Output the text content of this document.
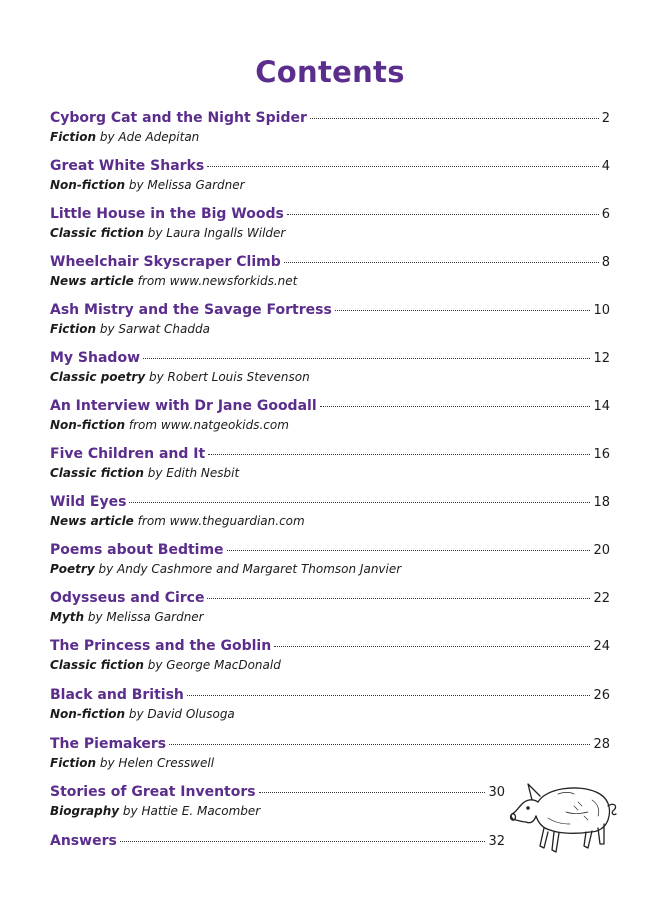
Contents
Cyborg Cat and the Night Spider	2
Fiction by Ade Adepitan
Great White Sharks	4
Non-fiction by Melissa Gardner
Little House in the Big Woods	6
Classic fiction by Laura Ingalls Wilder
Wheelchair Skyscraper Climb	8
News article from www.newsforkids.net
Ash Mistry and the Savage Fortress	10
Fiction by Sarwat Chadda
My Shadow	12
Classic poetry by Robert Louis Stevenson
An Interview with Dr Jane Goodall	14
Non-fiction from www.natgeokids.com
Five Children and It	16
Classic fiction by Edith Nesbit
Wild Eyes	18
News article from www.theguardian.com
Poems about Bedtime	20
Poetry by Andy Cashmore and Margaret Thomson Janvier
Odysseus and Circe	22
Myth by Melissa Gardner
The Princess and the Goblin	24
Classic fiction by George MacDonald
Black and British	26
Non-fiction by David Olusoga
The Piemakers	28
Fiction by Helen Cresswell
Stories of Great Inventors	30
Biography by Hattie E. Macomber
Answers	32
